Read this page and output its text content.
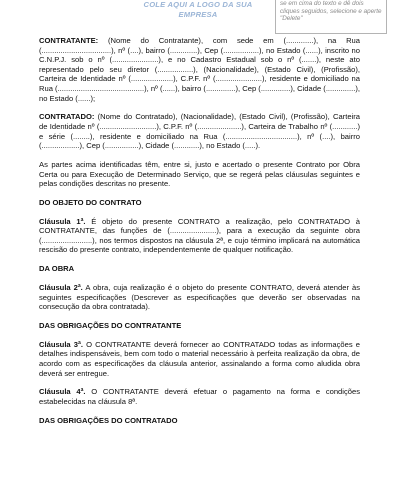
COLE AQUI A LOGO DA SUA EMPRESA
se em cima do texto e dê dois cliques seguidos, selecione e aperte "Delete"

CONTRATANTE: (Nome do Contratante), com sede em (.............), na Rua (.................................), nº (....), bairro (.............), Cep (.................), no Estado (......), inscrito no C.N.P.J. sob o nº (......................), e no Cadastro Estadual sob o nº (.......), neste ato representado pelo seu diretor (.................), (Nacionalidade), (Estado Civil), (Profissão), Carteira de Identidade nº (....................), C.P.F. nº (......................), residente e domiciliado na Rua (.........................................), nº (......), bairro (..............), Cep (..............), Cidade (..............), no Estado (......);

CONTRATADO: (Nome do Contratado), (Nacionalidade), (Estado Civil), (Profissão), Carteira de Identidade nº (...........................), C.P.F. nº (.....................), Carteira de Trabalho nº (............) e série (........), residente e domiciliado na Rua (..................................), nº (....), bairro (..................), Cep (................), Cidade (............), no Estado (.....).

As partes acima identificadas têm, entre si, justo e acertado o presente Contrato por Obra Certa ou para Execução de Determinado Serviço, que se regerá pelas cláusulas seguintes e pelas condições descritas no presente.

DO OBJETO DO CONTRATO

Cláusula 1ª. É objeto do presente CONTRATO a realização, pelo CONTRATADO à CONTRATANTE, das funções de (......................), para a execução da seguinte obra (........................), nos termos dispostos na cláusula 2ª, e cujo término implicará na automática rescisão do presente contrato, independentemente de qualquer notificação.

DA OBRA

Cláusula 2ª. A obra, cuja realização é o objeto do presente CONTRATO, deverá atender às seguintes especificações (Descrever as especificações que deverão ser observadas na consecução da obra contratada).

DAS OBRIGAÇÕES DO CONTRATANTE

Cláusula 3ª. O CONTRATANTE deverá fornecer ao CONTRATADO todas as informações e detalhes indispensáveis, bem com todo o material necessário à perfeita realização da obra, de acordo com as especificações da cláusula anterior, assinalando a forma como aludida obra deverá ser entregue.

Cláusula 4ª. O CONTRATANTE deverá efetuar o pagamento na forma e condições estabelecidas na cláusula 8ª.

DAS OBRIGAÇÕES DO CONTRATADO
